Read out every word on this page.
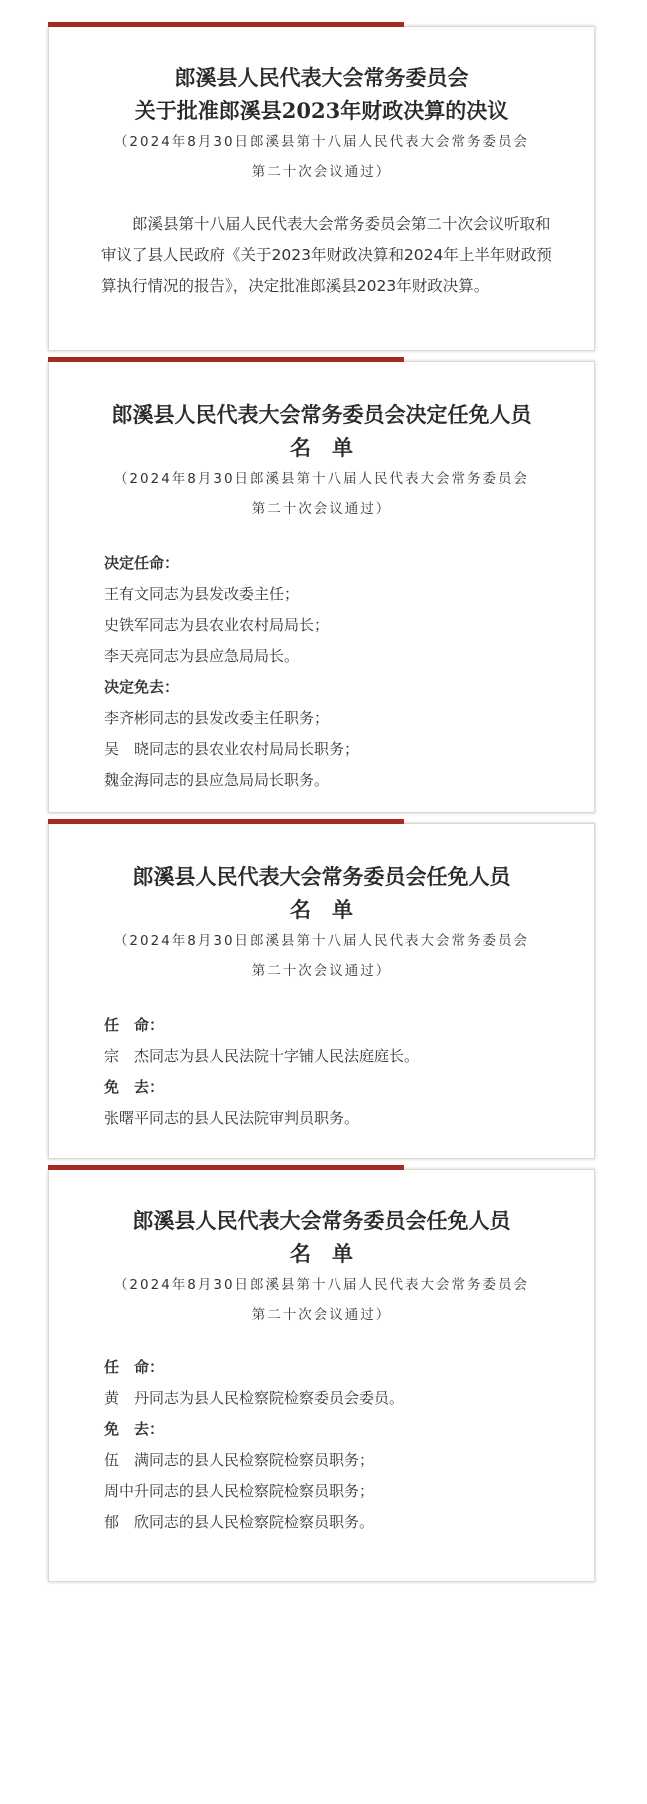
郎溪县人民代表大会常务委员会
关于批准郎溪县2023年财政决算的决议
（2024年8月30日郎溪县第十八届人民代表大会常务委员会
第二十次会议通过）
郎溪县第十八届人民代表大会常务委员会第二十次会议听取和审议了县人民政府《关于2023年财政决算和2024年上半年财政预算执行情况的报告》，决定批准郎溪县2023年财政决算。
郎溪县人民代表大会常务委员会决定任免人员
名　单
（2024年8月30日郎溪县第十八届人民代表大会常务委员会
第二十次会议通过）
决定任命：
王有文同志为县发改委主任；
史铁军同志为县农业农村局局长；
李天亮同志为县应急局局长。
决定免去：
李齐彬同志的县发改委主任职务；
吴　晓同志的县农业农村局局长职务；
魏金海同志的县应急局局长职务。
郎溪县人民代表大会常务委员会任免人员
名　单
（2024年8月30日郎溪县第十八届人民代表大会常务委员会
第二十次会议通过）
任　命：
宗　杰同志为县人民法院十字铺人民法庭庭长。
免　去：
张曙平同志的县人民法院审判员职务。
郎溪县人民代表大会常务委员会任免人员
名　单
（2024年8月30日郎溪县第十八届人民代表大会常务委员会
第二十次会议通过）
任　命：
黄　丹同志为县人民检察院检察委员会委员。
免　去：
伍　满同志的县人民检察院检察员职务；
周中升同志的县人民检察院检察员职务；
郁　欣同志的县人民检察院检察员职务。
